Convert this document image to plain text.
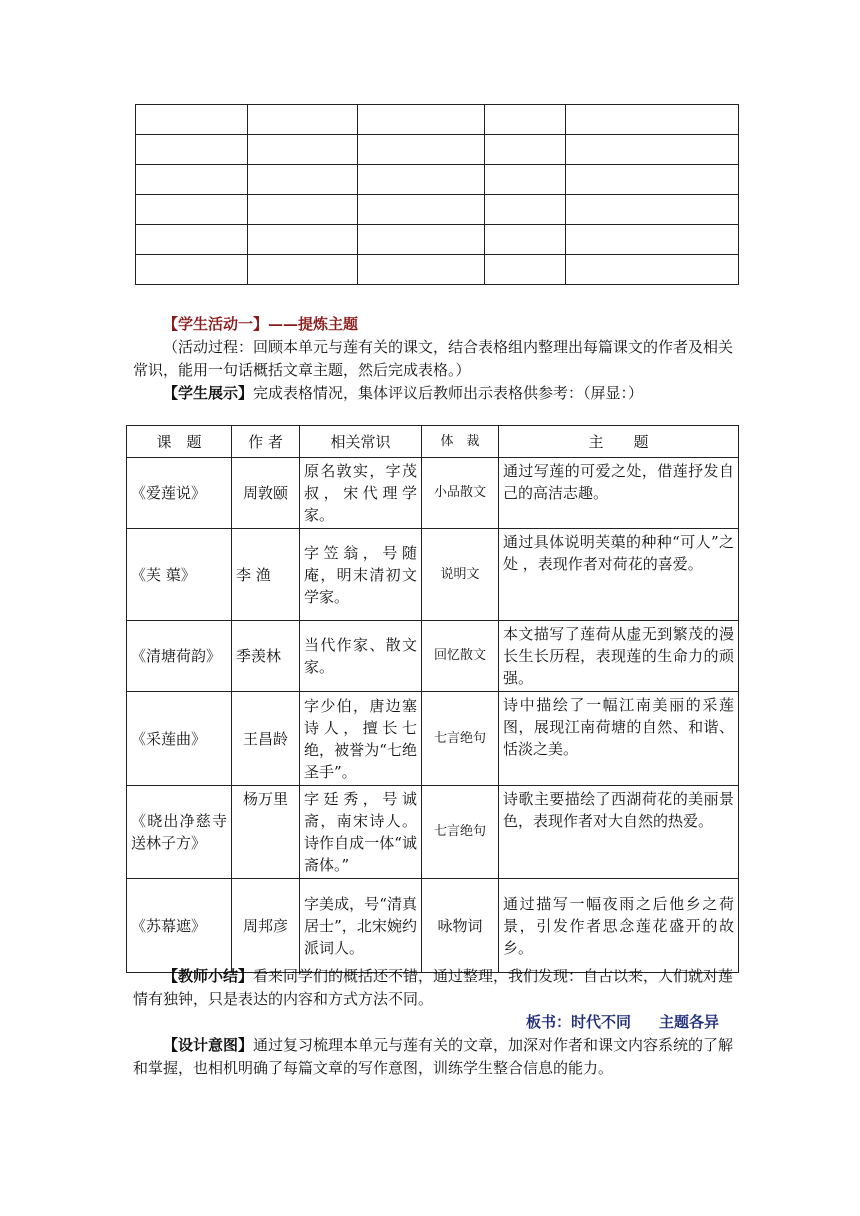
【学生活动一】——提炼主题

（活动过程：回顾本单元与莲有关的课文，结合表格组内整理出每篇课文的作者及相关常识，能用一句话概括文章主题，然后完成表格。）

【学生展示】完成表格情况，集体评议后教师出示表格供参考：（屏显：）

课　题	作 者	相关常识	体　裁	主　　题
《爱莲说》	周敦颐	原名敦实，字茂叔，宋代理学家。	小品散文	通过写莲的可爱之处，借莲抒发自己的高洁志趣。
《芙 蕖》	李 渔	字笠翁，号随庵，明末清初文学家。	说明文	通过具体说明芙蕖的种种“可人”之处 ，表现作者对荷花的喜爱。
《清塘荷韵》	季羡林	当代作家、散文家。	回忆散文	本文描写了莲荷从虚无到繁茂的漫长生长历程，表现莲的生命力的顽强。
《采莲曲》	王昌龄	字少伯，唐边塞诗人，擅长七绝，被誉为“七绝圣手”。	七言绝句	诗中描绘了一幅江南美丽的采莲图，展现江南荷塘的自然、和谐、恬淡之美。
《晓出净慈寺送林子方》	杨万里	字廷秀，号诚斋，南宋诗人。诗作自成一体“诚斋体。”	七言绝句	诗歌主要描绘了西湖荷花的美丽景色，表现作者对大自然的热爱。
《苏幕遮》	周邦彦	字美成，号“清真居士”，北宋婉约派词人。	咏物词	通过描写一幅夜雨之后他乡之荷景，引发作者思念莲花盛开的故乡。

【教师小结】看来同学们的概括还不错，通过整理，我们发现：自古以来，人们就对莲情有独钟，只是表达的内容和方式方法不同。

板书：时代不同 主题各异

【设计意图】通过复习梳理本单元与莲有关的文章，加深对作者和课文内容系统的了解和掌握，也相机明确了每篇文章的写作意图，训练学生整合信息的能力。
